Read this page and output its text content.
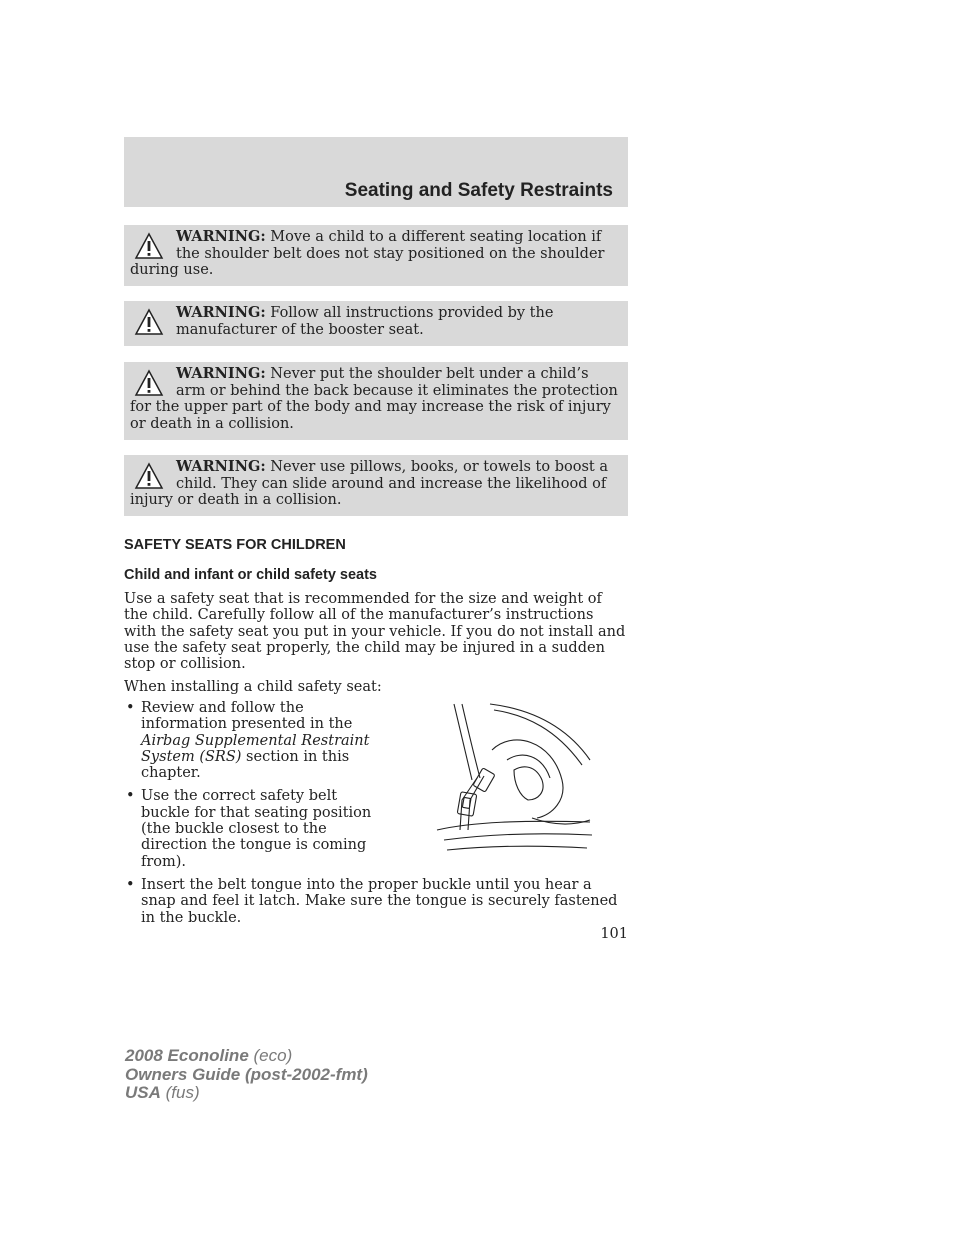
Seating and Safety Restraints
WARNING: Move a child to a different seating location if the shoulder belt does not stay positioned on the shoulder during use.
WARNING: Follow all instructions provided by the manufacturer of the booster seat.
WARNING: Never put the shoulder belt under a child’s arm or behind the back because it eliminates the protection for the upper part of the body and may increase the risk of injury or death in a collision.
WARNING: Never use pillows, books, or towels to boost a child. They can slide around and increase the likelihood of injury or death in a collision.
SAFETY SEATS FOR CHILDREN
Child and infant or child safety seats

Use a safety seat that is recommended for the size and weight of the child. Carefully follow all of the manufacturer’s instructions with the safety seat you put in your vehicle. If you do not install and use the safety seat properly, the child may be injured in a sudden stop or collision.

When installing a child safety seat:

• Review and follow the information presented in the Airbag Supplemental Restraint System (SRS) section in this chapter.
• Use the correct safety belt buckle for that seating position (the buckle closest to the direction the tongue is coming from).
• Insert the belt tongue into the proper buckle until you hear a snap and feel it latch. Make sure the tongue is securely fastened in the buckle.
101
2008 Econoline (eco)
Owners Guide (post-2002-fmt)
USA (fus)
